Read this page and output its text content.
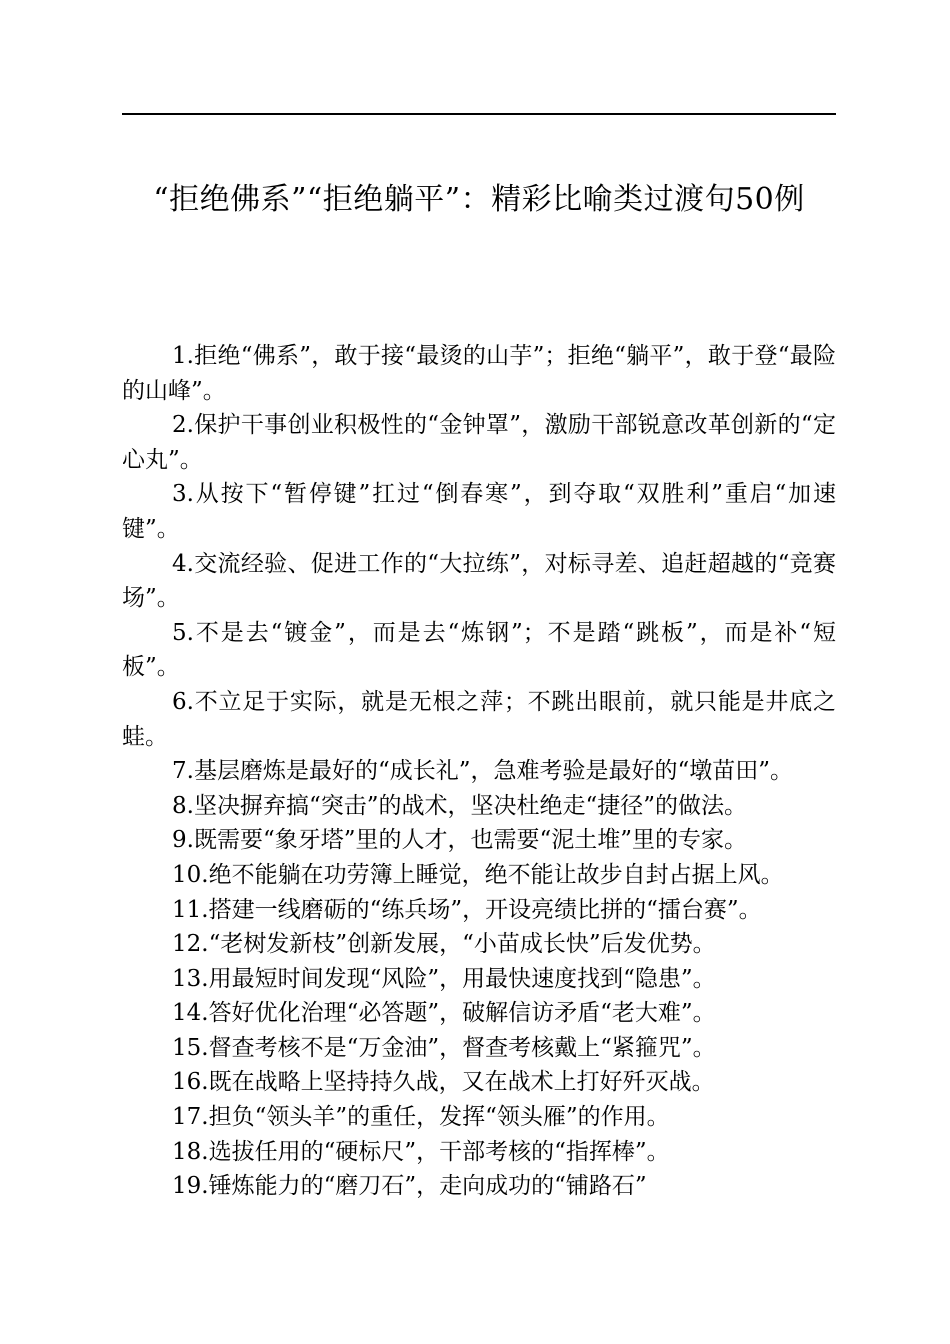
“拒绝佛系”“拒绝躺平”：精彩比喻类过渡句50例

1.拒绝“佛系”，敢于接“最烫的山芋”；拒绝“躺平”，敢于登“最险的山峰”。

2.保护干事创业积极性的“金钟罩”，激励干部锐意改革创新的“定心丸”。

3.从按下“暂停键”扛过“倒春寒”，到夺取“双胜利”重启“加速键”。

4.交流经验、促进工作的“大拉练”，对标寻差、追赶超越的“竞赛场”。

5.不是去“镀金”，而是去“炼钢”；不是踏“跳板”，而是补“短板”。

6.不立足于实际，就是无根之萍；不跳出眼前，就只能是井底之蛙。

7.基层磨炼是最好的“成长礼”，急难考验是最好的“墩苗田”。

8.坚决摒弃搞“突击”的战术，坚决杜绝走“捷径”的做法。

9.既需要“象牙塔”里的人才，也需要“泥土堆”里的专家。

10.绝不能躺在功劳簿上睡觉，绝不能让故步自封占据上风。

11.搭建一线磨砺的“练兵场”，开设亮绩比拼的“擂台赛”。

12.“老树发新枝”创新发展，“小苗成长快”后发优势。

13.用最短时间发现“风险”，用最快速度找到“隐患”。

14.答好优化治理“必答题”，破解信访矛盾“老大难”。

15.督查考核不是“万金油”，督查考核戴上“紧箍咒”。

16.既在战略上坚持持久战，又在战术上打好歼灭战。

17.担负“领头羊”的重任，发挥“领头雁”的作用。

18.选拔任用的“硬标尺”，干部考核的“指挥棒”。

19.锤炼能力的“磨刀石”，走向成功的“铺路石”
